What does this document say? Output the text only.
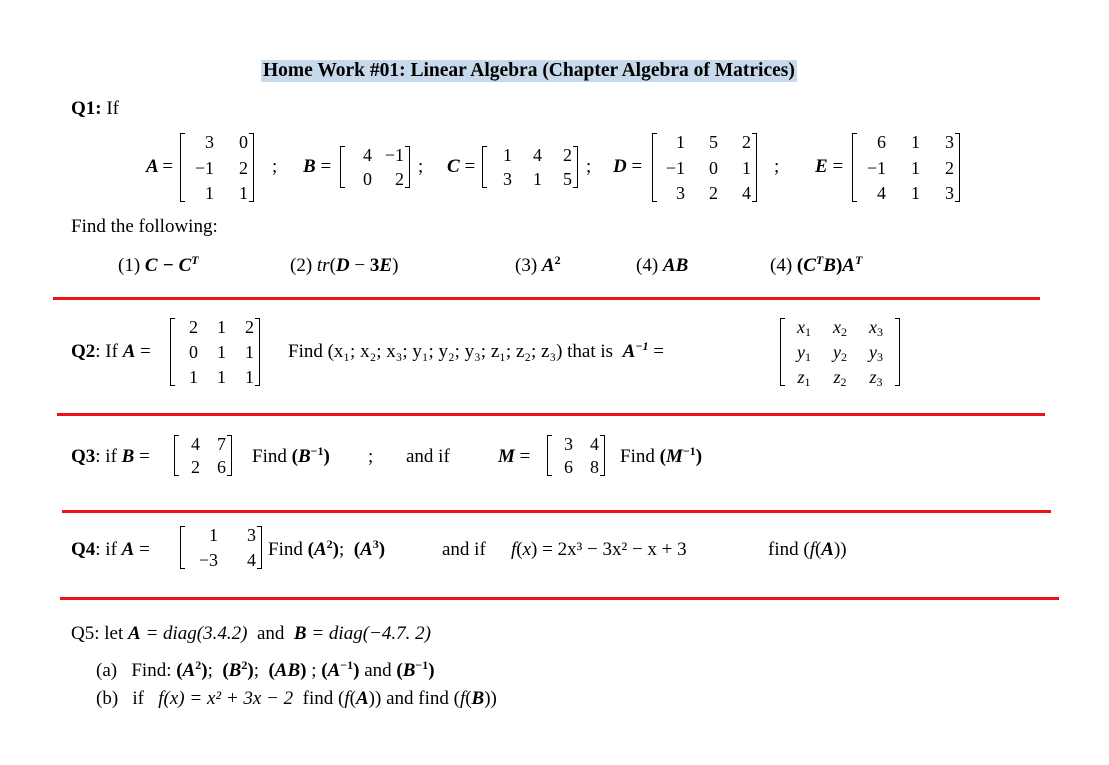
Home Work #01: Linear Algebra (Chapter Algebra of Matrices)
Q1: If
A =
3	0
−1	2
1	1
; B =
4 −1
0	2
; C =
1	4	2
3	1	5
; D =
1	5	2
−1	0	1
3	2	4
; E =
6	1	3
−1	1	2
4	1	3
Find the following:
(1) $C - C^T$	(2) tr(D − 3E)	(3) $A^2$	(4) AB	(4) $(C^TB)A^T$
Q2: If A =
2	1	2
0	1	1
1	1	1
Find (x₁; x₂; x₃; y₁; y₂; y₃; z₁; z₂; z₃) that is $A^{-1}$ =
$x_1$	$x_2$	$x_3$
$y_1$	$y_2$	$y_3$
$z_1$	$z_2$	$z_3$
Q3: if B =
4 7
2 6 Find $(B^{-1})$ ; and if	M =
3 4
6 8 Find $(M^{-1})$
Q4: if A =
1	3
−3	4 Find $(A^2)$;  $(A^3)$	and if f(x) = 2x³ − 3x² − x + 3	find (f(A))
Q5: let A = diag(3.4.2) and B = diag(−4.7. 2)
(a) Find: $(A^2)$;  $(B^2)$;  (AB) ; $(A^{-1})$ and $(B^{-1})$
(b) if f(x) = x² + 3x − 2 find (f(A)) and find (f(B))
